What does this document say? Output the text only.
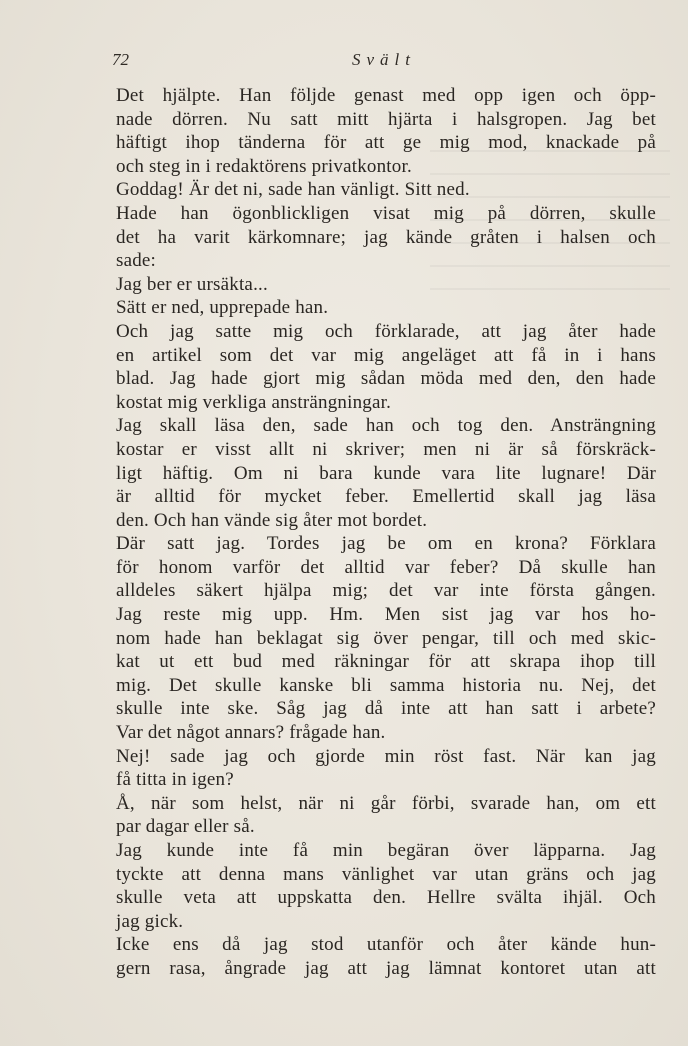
72	Svält
Det hjälpte. Han följde genast med opp igen och öpp-
nade dörren. Nu satt mitt hjärta i halsgropen. Jag bet
häftigt ihop tänderna för att ge mig mod, knackade på
och steg in i redaktörens privatkontor.
Goddag! Är det ni, sade han vänligt. Sitt ned.
Hade han ögonblickligen visat mig på dörren, skulle
det ha varit kärkomnare; jag kände gråten i halsen och
sade:
Jag ber er ursäkta...
Sätt er ned, upprepade han.
Och jag satte mig och förklarade, att jag åter hade
en artikel som det var mig angeläget att få in i hans
blad. Jag hade gjort mig sådan möda med den, den hade
kostat mig verkliga ansträngningar.
Jag skall läsa den, sade han och tog den. Ansträngning
kostar er visst allt ni skriver; men ni är så förskräck-
ligt häftig. Om ni bara kunde vara lite lugnare! Där
är alltid för mycket feber. Emellertid skall jag läsa
den. Och han vände sig åter mot bordet.
Där satt jag. Tordes jag be om en krona? Förklara
för honom varför det alltid var feber? Då skulle han
alldeles säkert hjälpa mig; det var inte första gången.
Jag reste mig upp. Hm. Men sist jag var hos ho-
nom hade han beklagat sig över pengar, till och med skic-
kat ut ett bud med räkningar för att skrapa ihop till
mig. Det skulle kanske bli samma historia nu. Nej, det
skulle inte ske. Såg jag då inte att han satt i arbete?
Var det något annars? frågade han.
Nej! sade jag och gjorde min röst fast. När kan jag
få titta in igen?
Å, när som helst, när ni går förbi, svarade han, om ett
par dagar eller så.
Jag kunde inte få min begäran över läpparna. Jag
tyckte att denna mans vänlighet var utan gräns och jag
skulle veta att uppskatta den. Hellre svälta ihjäl. Och
jag gick.
Icke ens då jag stod utanför och åter kände hun-
gern rasa, ångrade jag att jag lämnat kontoret utan att
